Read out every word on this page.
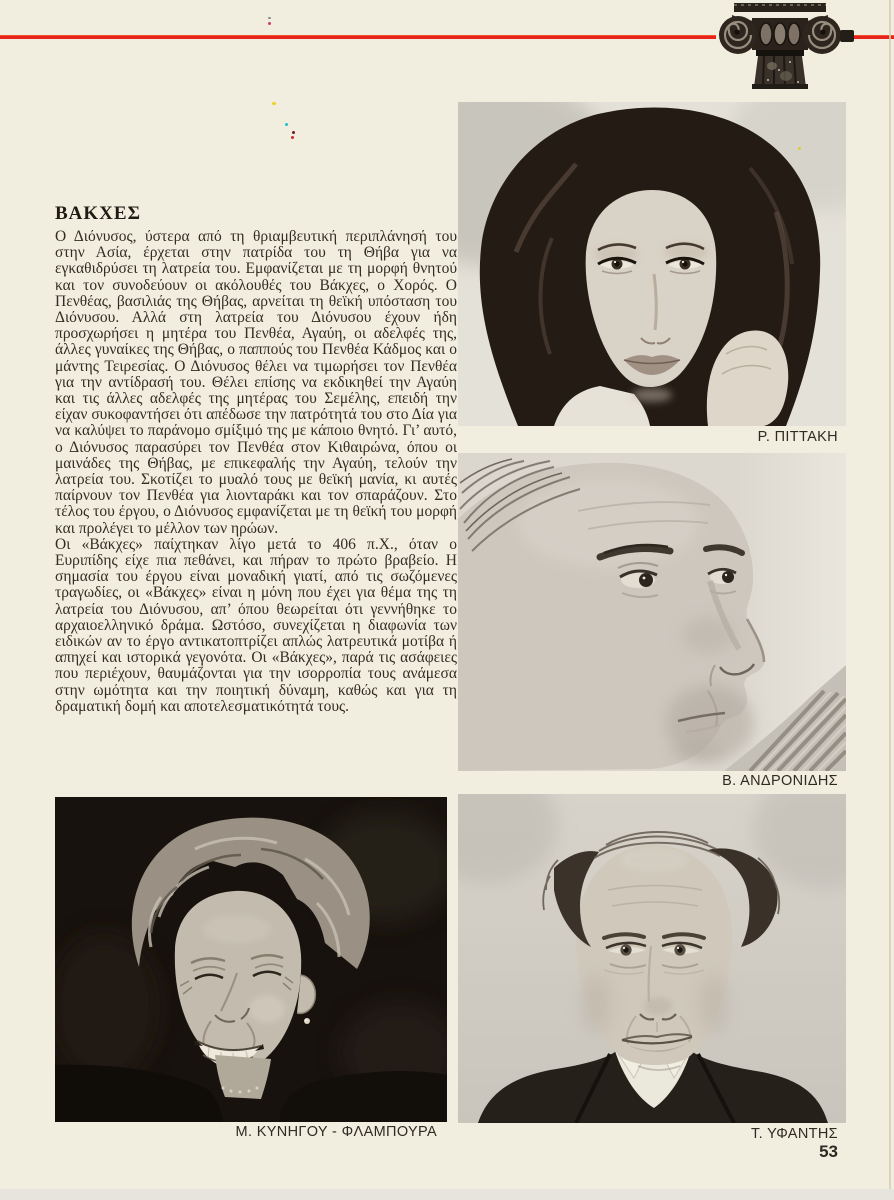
ΒΑΚΧΕΣ

Ο Διόνυσος, ύστερα από τη θριαμβευτική περιπλάνησή του στην Ασία, έρχεται στην πατρίδα του τη Θήβα για να εγκαθιδρύσει τη λατρεία του. Εμφανίζεται με τη μορφή θνητού και τον συνοδεύουν οι ακόλουθές του Βάκχες, ο Χορός. Ο Πενθέας, βασιλιάς της Θήβας, αρνείται τη θεϊκή υπόσταση του Διόνυσου. Αλλά στη λατρεία του Διόνυσου έχουν ήδη προσχωρήσει η μητέρα του Πενθέα, Αγαύη, οι αδελφές της, άλλες γυναίκες της Θήβας, ο παππούς του Πενθέα Κάδμος και ο μάντης Τειρεσίας. Ο Διόνυσος θέλει να τιμωρήσει τον Πενθέα για την αντίδρασή του. Θέλει επίσης να εκδικηθεί την Αγαύη και τις άλλες αδελφές της μητέρας του Σεμέλης, επειδή την είχαν συκοφαντήσει ότι απέδωσε την πατρότητά του στο Δία για να καλύψει το παράνομο σμίξιμό της με κάποιο θνητό. Γι’ αυτό, ο Διόνυσος παρασύρει τον Πενθέα στον Κιθαιρώνα, όπου οι μαινάδες της Θήβας, με επικεφαλής την Αγαύη, τελούν την λατρεία του. Σκοτίζει το μυαλό τους με θεϊκή μανία, κι αυτές παίρνουν τον Πενθέα για λιονταράκι και τον σπαράζουν. Στο τέλος του έργου, ο Διόνυσος εμφανίζεται με τη θεϊκή του μορφή και προλέγει το μέλλον των ηρώων.

Οι «Βάκχες» παίχτηκαν λίγο μετά το 406 π.Χ., όταν ο Ευριπίδης είχε πια πεθάνει, και πήραν το πρώτο βραβείο. Η σημασία του έργου είναι μοναδική γιατί, από τις σωζόμενες τραγωδίες, οι «Βάκχες» είναι η μόνη που έχει για θέμα της τη λατρεία του Διόνυσου, απ’ όπου θεωρείται ότι γεννήθηκε το αρχαιοελληνικό δράμα. Ωστόσο, συνεχίζεται η διαφωνία των ειδικών αν το έργο αντικατοπτρίζει απλώς λατρευτικά μοτίβα ή απηχεί και ιστορικά γεγονότα. Οι «Βάκχες», παρά τις ασάφειες που περιέχουν, θαυμάζονται για την ισορροπία τους ανάμεσα στην ωμότητα και την ποιητική δύναμη, καθώς και για τη δραματική δομή και αποτελεσματικότητά τους.

Ρ. ΠΙΤΤΑΚΗ
Β. ΑΝΔΡΟΝΙΔΗΣ
Μ. ΚΥΝΗΓΟΥ - ΦΛΑΜΠΟΥΡΑ	Τ. ΥΦΑΝΤΗΣ
53
